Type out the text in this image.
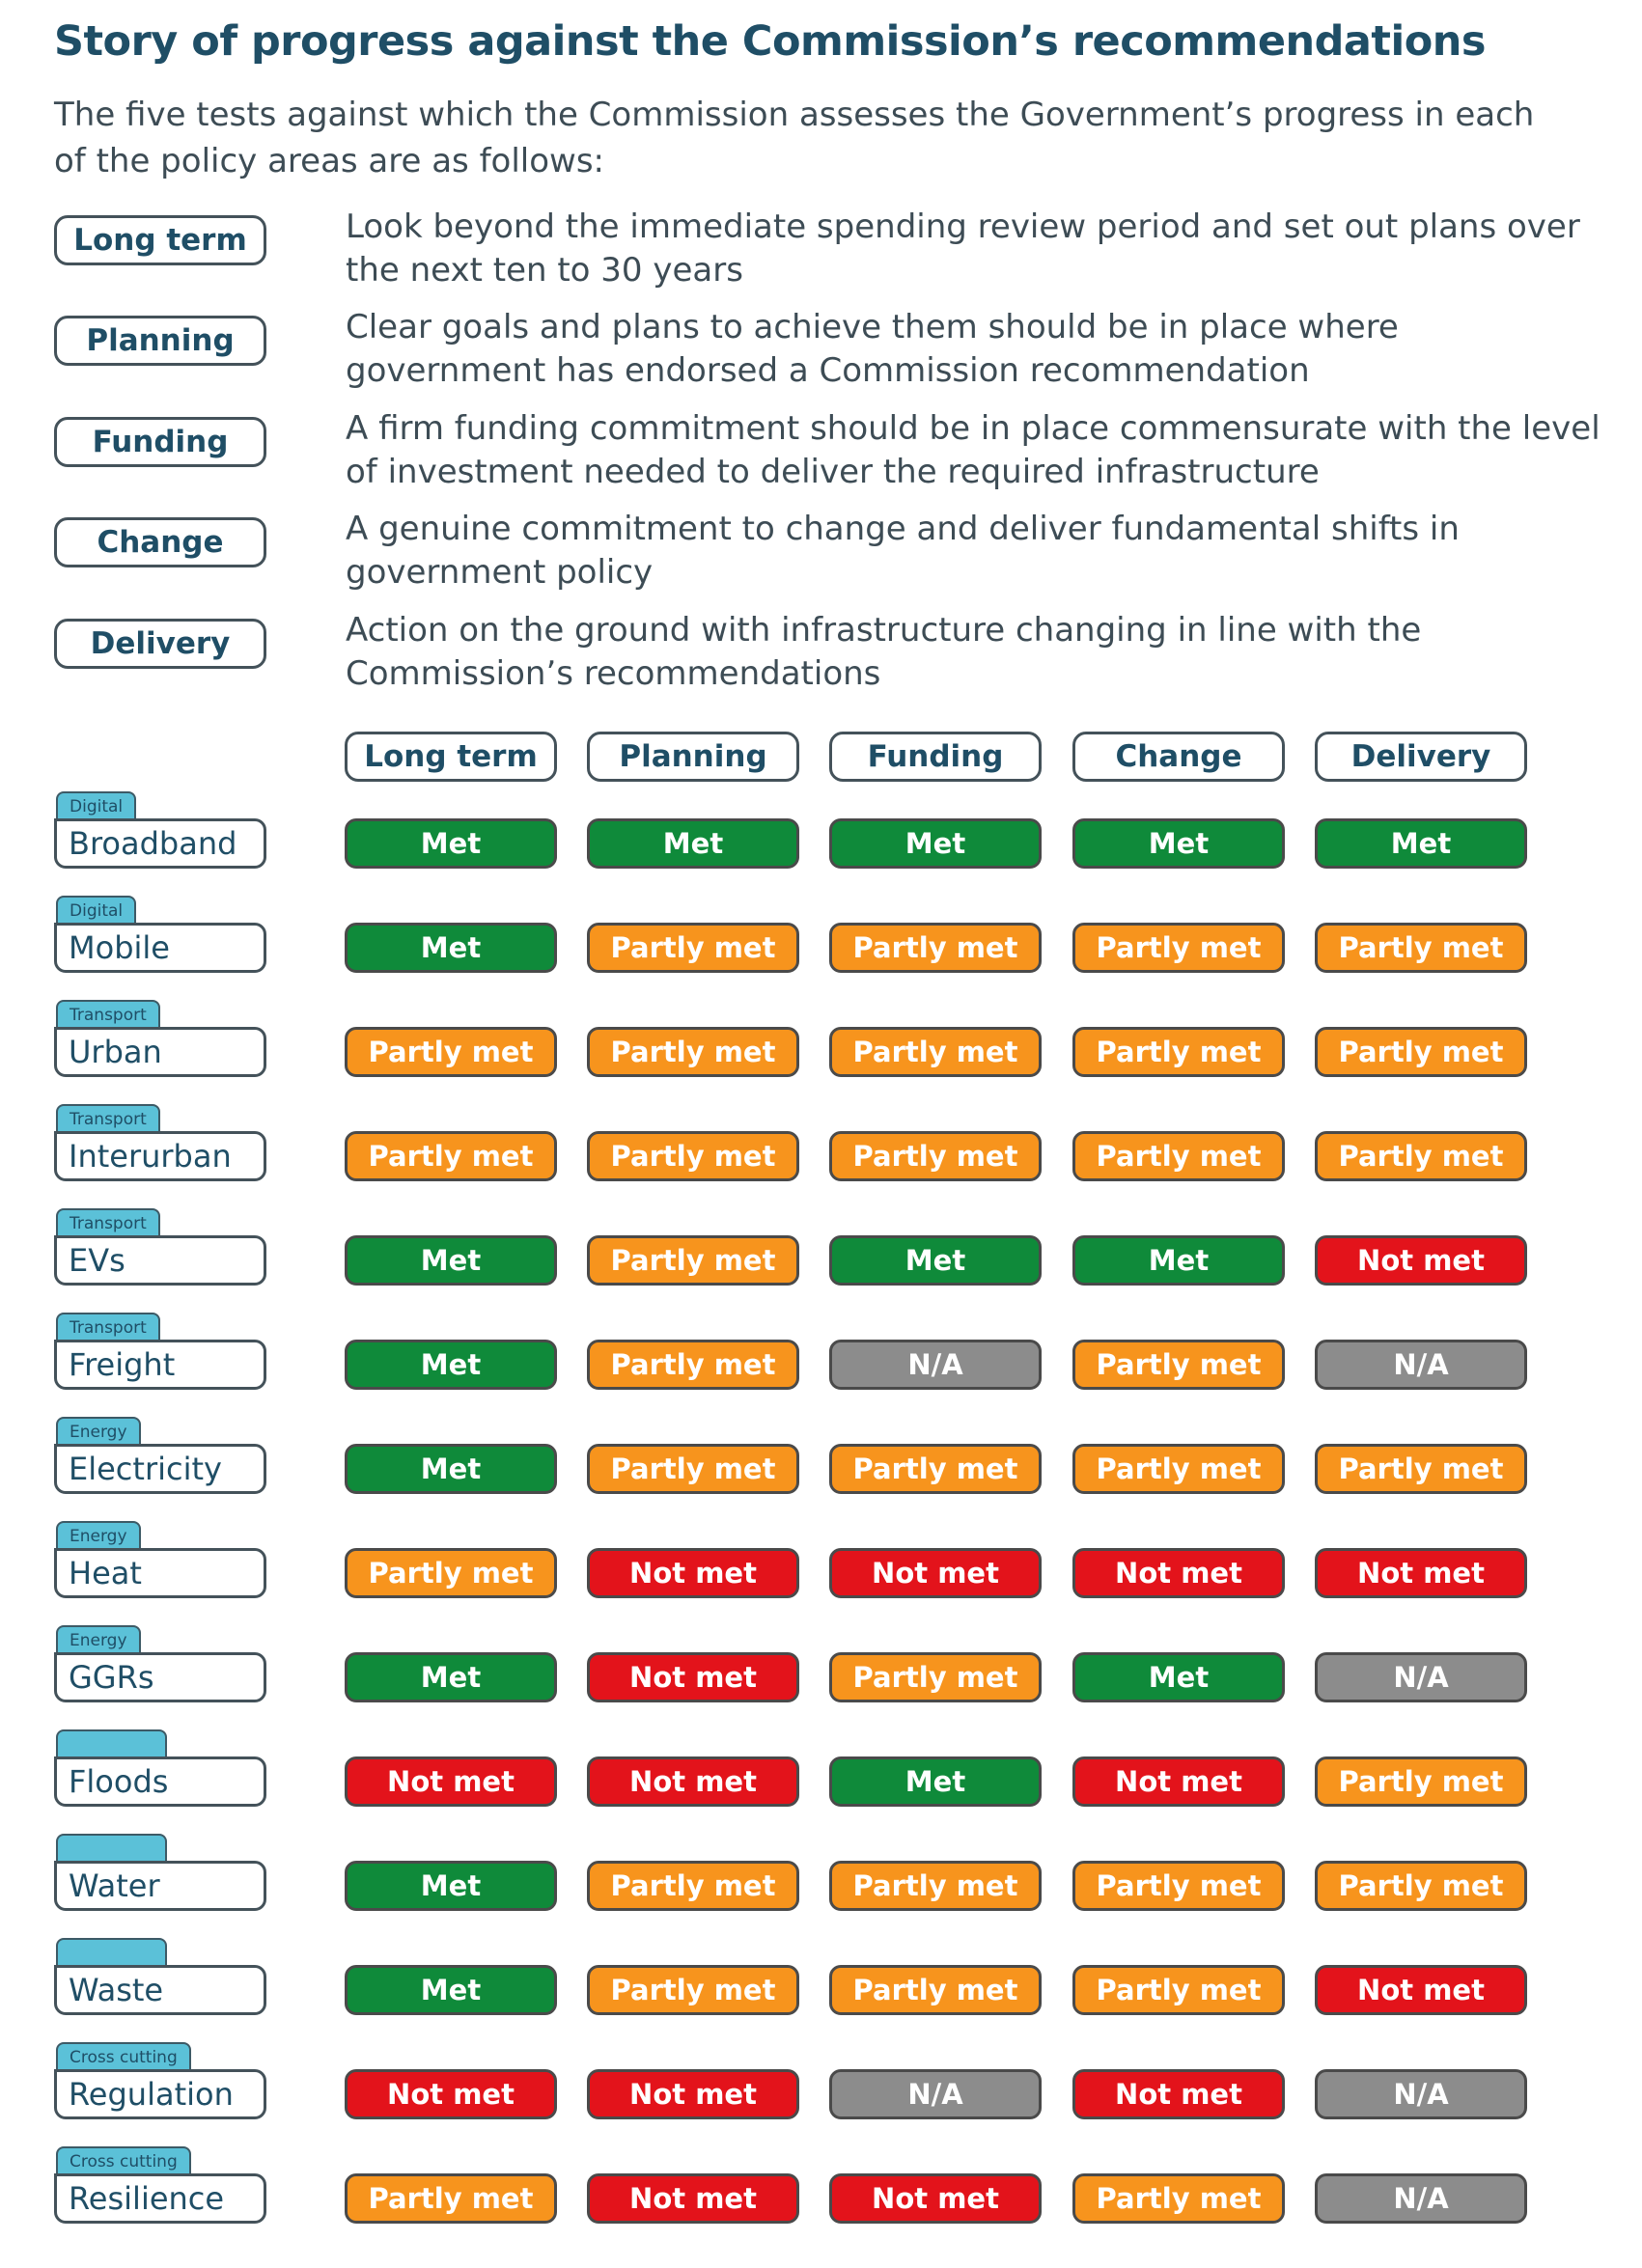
Story of progress against the Commission’s recommendations
The five tests against which the Commission assesses the Government’s progress in each of the policy areas are as follows:
Long term	Look beyond the immediate spending review period and set out plans over the next ten to 30 years
Planning	Clear goals and plans to achieve them should be in place where government has endorsed a Commission recommendation
Funding	A firm funding commitment should be in place commensurate with the level of investment needed to deliver the required infrastructure
Change	A genuine commitment to change and deliver fundamental shifts in government policy
Delivery	Action on the ground with infrastructure changing in line with the Commission’s recommendations
Long term	Planning	Funding	Change	Delivery
Digital
Broadband	Met	Met	Met	Met	Met
Digital
Mobile	Met	Partly met	Partly met	Partly met	Partly met
Transport
Urban	Partly met	Partly met	Partly met	Partly met	Partly met
Transport
Interurban	Partly met	Partly met	Partly met	Partly met	Partly met
Transport
EVs	Met	Partly met	Met	Met	Not met
Transport
Freight	Met	Partly met	N/A	Partly met	N/A
Energy
Electricity	Met	Partly met	Partly met	Partly met	Partly met
Energy
Heat	Partly met	Not met	Not met	Not met	Not met
Energy
GGRs	Met	Not met	Partly met	Met	N/A
Floods	Not met	Not met	Met	Not met	Partly met
Water	Met	Partly met	Partly met	Partly met	Partly met
Waste	Met	Partly met	Partly met	Partly met	Not met
Cross cutting
Regulation	Not met	Not met	N/A	Not met	N/A
Cross cutting
Resilience	Partly met	Not met	Not met	Partly met	N/A
